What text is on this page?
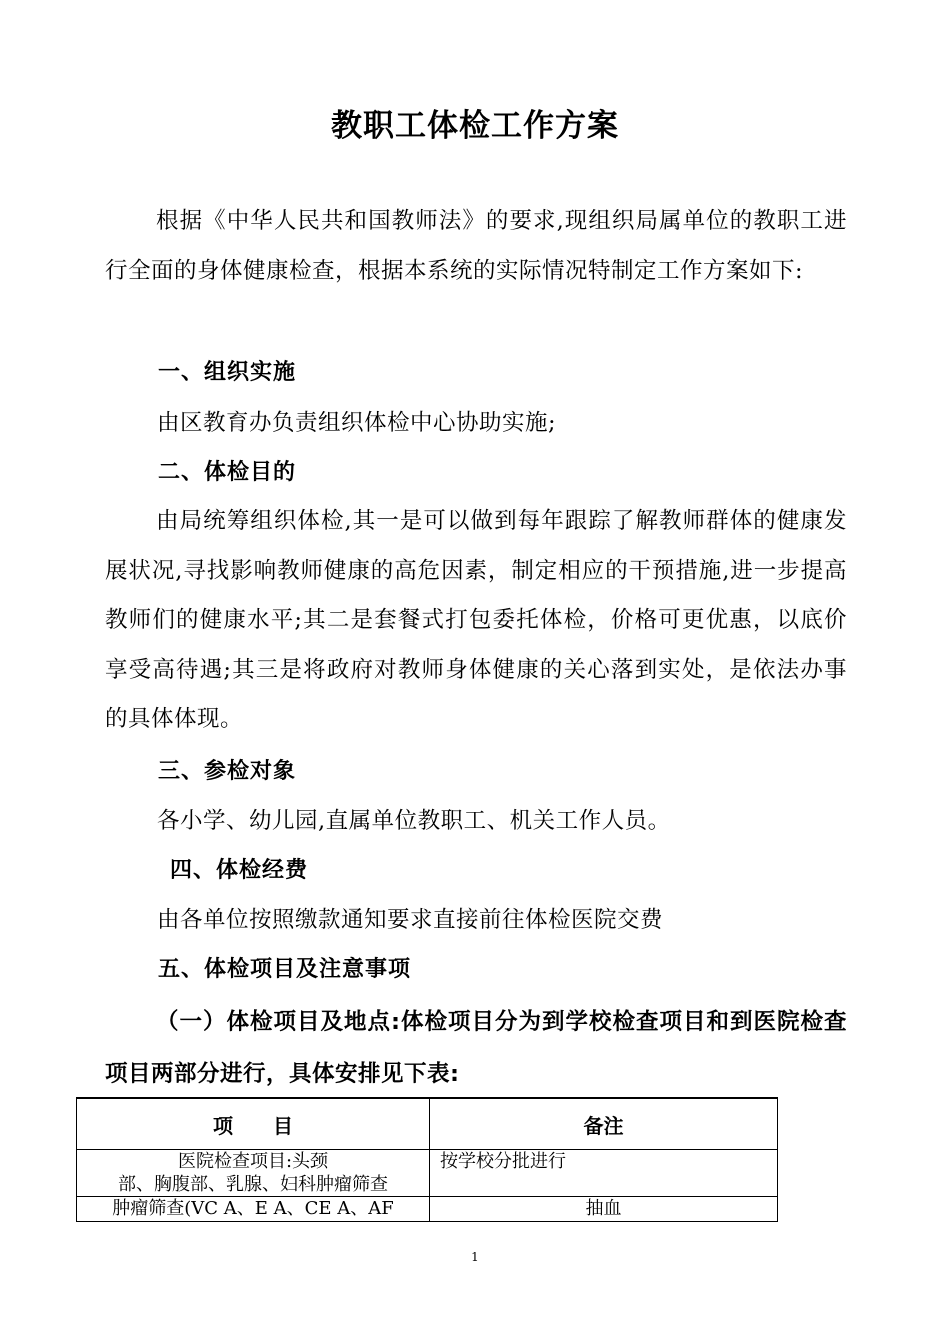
教职工体检工作方案
根据《中华人民共和国教师法》的要求,现组织局属单位的教职工进行全面的身体健康检查，根据本系统的实际情况特制定工作方案如下:
一、组织实施
由区教育办负责组织体检中心协助实施;
二、体检目的
由局统筹组织体检,其一是可以做到每年跟踪了解教师群体的健康发展状况,寻找影响教师健康的高危因素，制定相应的干预措施,进一步提高教师们的健康水平;其二是套餐式打包委托体检，价格可更优惠，以底价享受高待遇;其三是将政府对教师身体健康的关心落到实处，是依法办事的具体体现。
三、参检对象
各小学、幼儿园,直属单位教职工、机关工作人员。
四、体检经费
由各单位按照缴款通知要求直接前往体检医院交费
五、体检项目及注意事项
（一）体检项目及地点:体检项目分为到学校检查项目和到医院检查项目两部分进行，具体安排见下表:
项　　目	备注

医院检查项目:头颈
部、胸腹部、乳腺、妇科肿瘤筛查	按学校分批进行
肿瘤筛查(VC A、E A、CE A、AF	抽血
1
